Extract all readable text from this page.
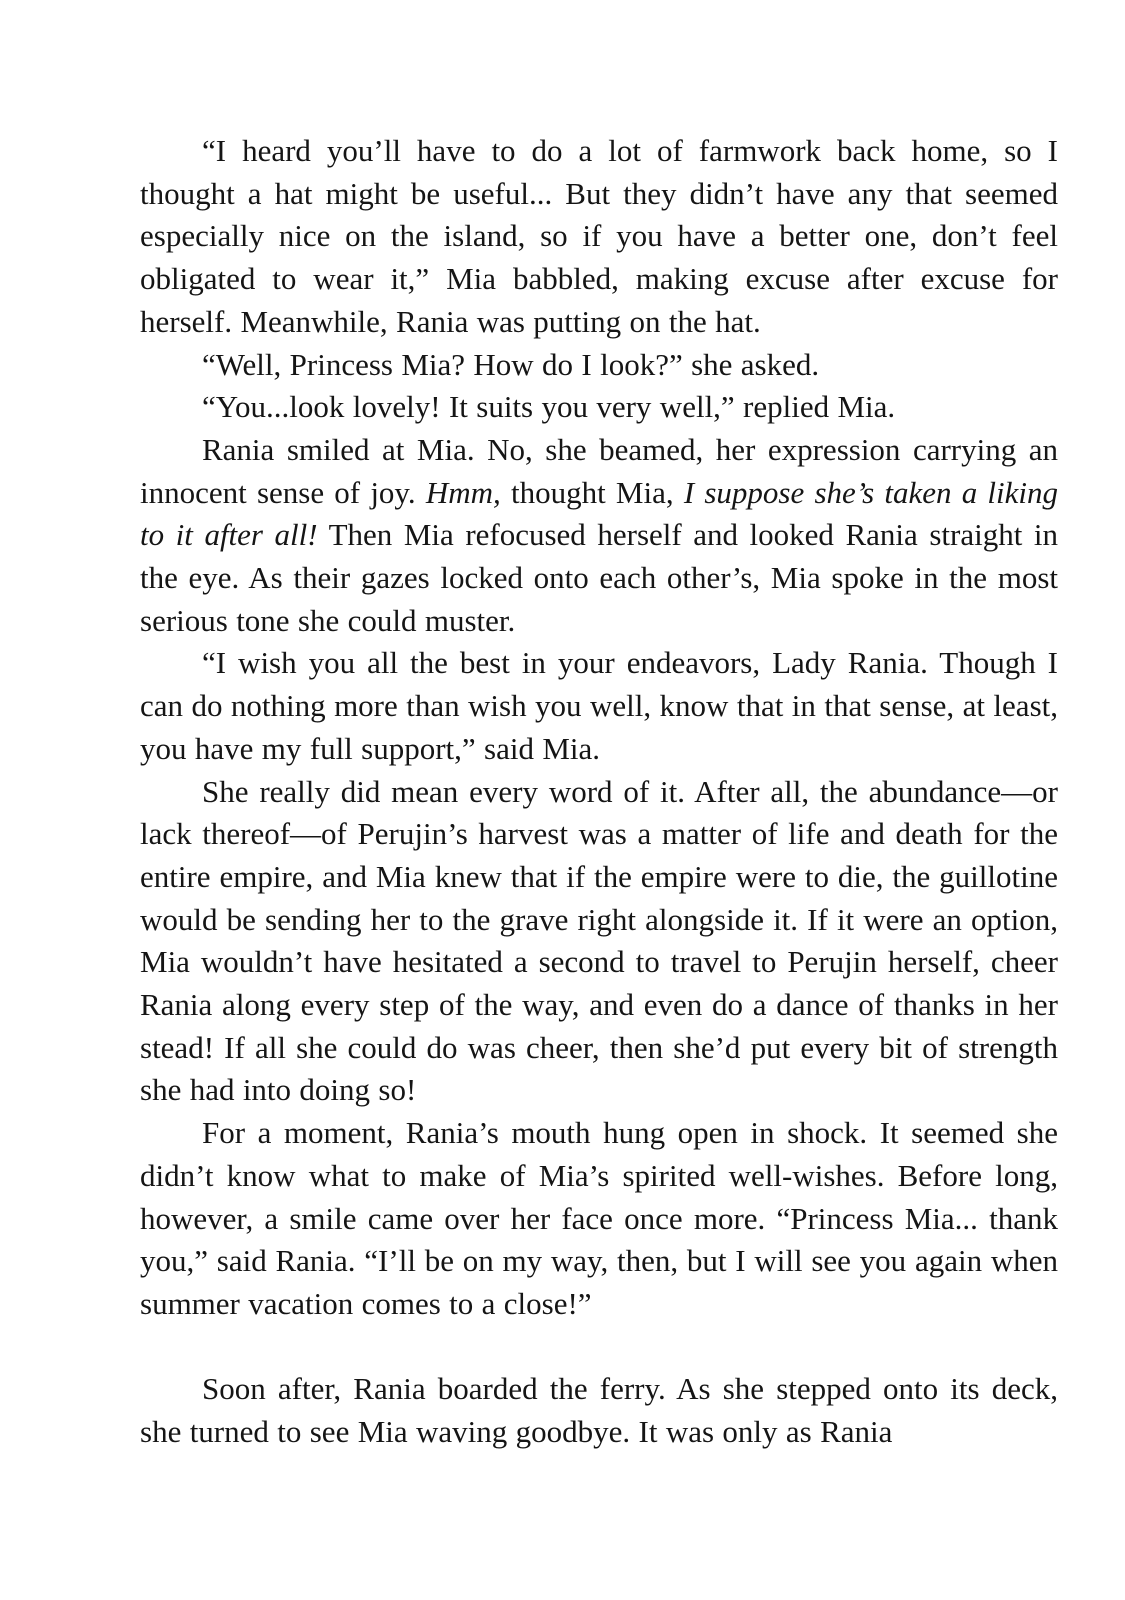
“I heard you’ll have to do a lot of farmwork back home, so I thought a hat might be useful... But they didn’t have any that seemed especially nice on the island, so if you have a better one, don’t feel obligated to wear it,” Mia babbled, making excuse after excuse for herself. Meanwhile, Rania was putting on the hat.

“Well, Princess Mia? How do I look?” she asked.

“You...look lovely! It suits you very well,” replied Mia.

Rania smiled at Mia. No, she beamed, her expression carrying an innocent sense of joy. Hmm, thought Mia, I suppose she’s taken a liking to it after all! Then Mia refocused herself and looked Rania straight in the eye. As their gazes locked onto each other’s, Mia spoke in the most serious tone she could muster.

“I wish you all the best in your endeavors, Lady Rania. Though I can do nothing more than wish you well, know that in that sense, at least, you have my full support,” said Mia.

She really did mean every word of it. After all, the abundance—or lack thereof—of Perujin’s harvest was a matter of life and death for the entire empire, and Mia knew that if the empire were to die, the guillotine would be sending her to the grave right alongside it. If it were an option, Mia wouldn’t have hesitated a second to travel to Perujin herself, cheer Rania along every step of the way, and even do a dance of thanks in her stead! If all she could do was cheer, then she’d put every bit of strength she had into doing so!

For a moment, Rania’s mouth hung open in shock. It seemed she didn’t know what to make of Mia’s spirited well-wishes. Before long, however, a smile came over her face once more. “Princess Mia... thank you,” said Rania. “I’ll be on my way, then, but I will see you again when summer vacation comes to a close!”

Soon after, Rania boarded the ferry. As she stepped onto its deck, she turned to see Mia waving goodbye. It was only as Rania
